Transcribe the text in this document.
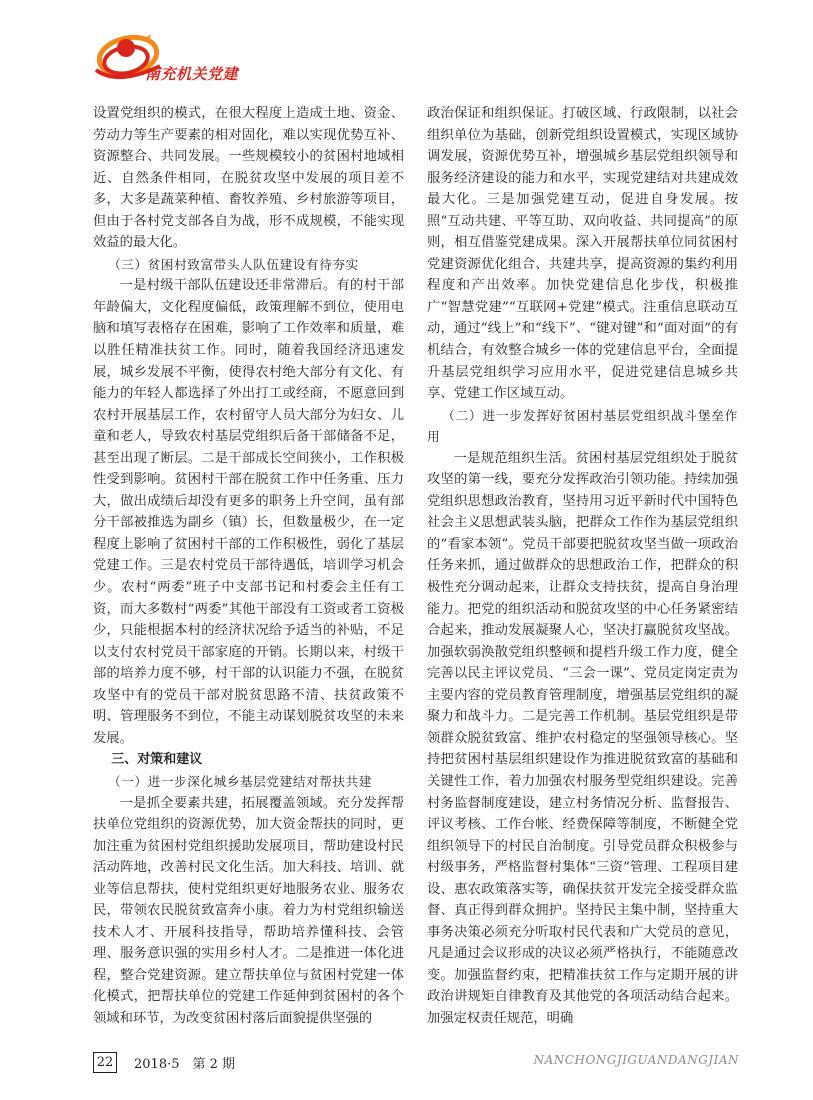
南充机关党建

设置党组织的模式，在很大程度上造成土地、资金、劳动力等生产要素的相对固化，难以实现优势互补、资源整合、共同发展。一些规模较小的贫困村地域相近、自然条件相同，在脱贫攻坚中发展的项目差不多，大多是蔬菜种植、畜牧养殖、乡村旅游等项目，但由于各村党支部各自为战，形不成规模，不能实现效益的最大化。

（三）贫困村致富带头人队伍建设有待夯实

一是村级干部队伍建设还非常滞后。有的村干部年龄偏大，文化程度偏低，政策理解不到位，使用电脑和填写表格存在困难，影响了工作效率和质量，难以胜任精准扶贫工作。同时，随着我国经济迅速发展，城乡发展不平衡，使得农村绝大部分有文化、有能力的年轻人都选择了外出打工或经商，不愿意回到农村开展基层工作，农村留守人员大部分为妇女、儿童和老人，导致农村基层党组织后备干部储备不足，甚至出现了断层。二是干部成长空间狭小，工作积极性受到影响。贫困村干部在脱贫工作中任务重、压力大，做出成绩后却没有更多的职务上升空间，虽有部分干部被推选为副乡（镇）长，但数量极少，在一定程度上影响了贫困村干部的工作积极性，弱化了基层党建工作。三是农村党员干部待遇低，培训学习机会少。农村“两委”班子中支部书记和村委会主任有工资，而大多数村“两委”其他干部没有工资或者工资极少，只能根据本村的经济状况给予适当的补贴，不足以支付农村党员干部家庭的开销。长期以来，村级干部的培养力度不够，村干部的认识能力不强，在脱贫攻坚中有的党员干部对脱贫思路不清、扶贫政策不明、管理服务不到位，不能主动谋划脱贫攻坚的未来发展。

三、对策和建议
（一）进一步深化城乡基层党建结对帮扶共建

一是抓全要素共建，拓展覆盖领域。充分发挥帮扶单位党组织的资源优势，加大资金帮扶的同时，更加注重为贫困村党组织援助发展项目，帮助建设村民活动阵地，改善村民文化生活。加大科技、培训、就业等信息帮扶，使村党组织更好地服务农业、服务农民，带领农民脱贫致富奔小康。着力为村党组织输送技术人才、开展科技指导，帮助培养懂科技、会管理、服务意识强的实用乡村人才。二是推进一体化进程，整合党建资源。建立帮扶单位与贫困村党建一体化模式，把帮扶单位的党建工作延伸到贫困村的各个领域和环节，为改变贫困村落后面貌提供坚强的

政治保证和组织保证。打破区域、行政限制，以社会组织单位为基础，创新党组织设置模式，实现区域协调发展，资源优势互补，增强城乡基层党组织领导和服务经济建设的能力和水平，实现党建结对共建成效最大化。三是加强党建互动，促进自身发展。按照“互动共建、平等互助、双向收益、共同提高”的原则，相互借鉴党建成果。深入开展帮扶单位同贫困村党建资源优化组合、共建共享，提高资源的集约利用程度和产出效率。加快党建信息化步伐，积极推广“智慧党建”“互联网+党建”模式。注重信息联动互动，通过“线上”和“线下”、“键对键”和“面对面”的有机结合，有效整合城乡一体的党建信息平台，全面提升基层党组织学习应用水平，促进党建信息城乡共享、党建工作区域互动。

（二）进一步发挥好贫困村基层党组织战斗堡垒作用

一是规范组织生活。贫困村基层党组织处于脱贫攻坚的第一线，要充分发挥政治引领功能。持续加强党组织思想政治教育，坚持用习近平新时代中国特色社会主义思想武装头脑，把群众工作作为基层党组织的“看家本领”。党员干部要把脱贫攻坚当做一项政治任务来抓，通过做群众的思想政治工作，把群众的积极性充分调动起来，让群众支持扶贫，提高自身治理能力。把党的组织活动和脱贫攻坚的中心任务紧密结合起来，推动发展凝聚人心，坚决打赢脱贫攻坚战。加强软弱涣散党组织整顿和提档升级工作力度，健全完善以民主评议党员、“三会一课”、党员定岗定责为主要内容的党员教育管理制度，增强基层党组织的凝聚力和战斗力。二是完善工作机制。基层党组织是带领群众脱贫致富、维护农村稳定的坚强领导核心。坚持把贫困村基层组织建设作为推进脱贫致富的基础和关键性工作，着力加强农村服务型党组织建设。完善村务监督制度建设，建立村务情况分析、监督报告、评议考核、工作台帐、经费保障等制度，不断健全党组织领导下的村民自治制度。引导党员群众积极参与村级事务，严格监督村集体“三资”管理、工程项目建设、惠农政策落实等，确保扶贫开发完全接受群众监督、真正得到群众拥护。坚持民主集中制，坚持重大事务决策必须充分听取村民代表和广大党员的意见，凡是通过会议形成的决议必须严格执行，不能随意改变。加强监督约束，把精准扶贫工作与定期开展的讲政治讲规矩自律教育及其他党的各项活动结合起来。加强定权责任规范，明确

22 2018·5　第 2 期	NANCHONGJIGUANDANGJIAN
